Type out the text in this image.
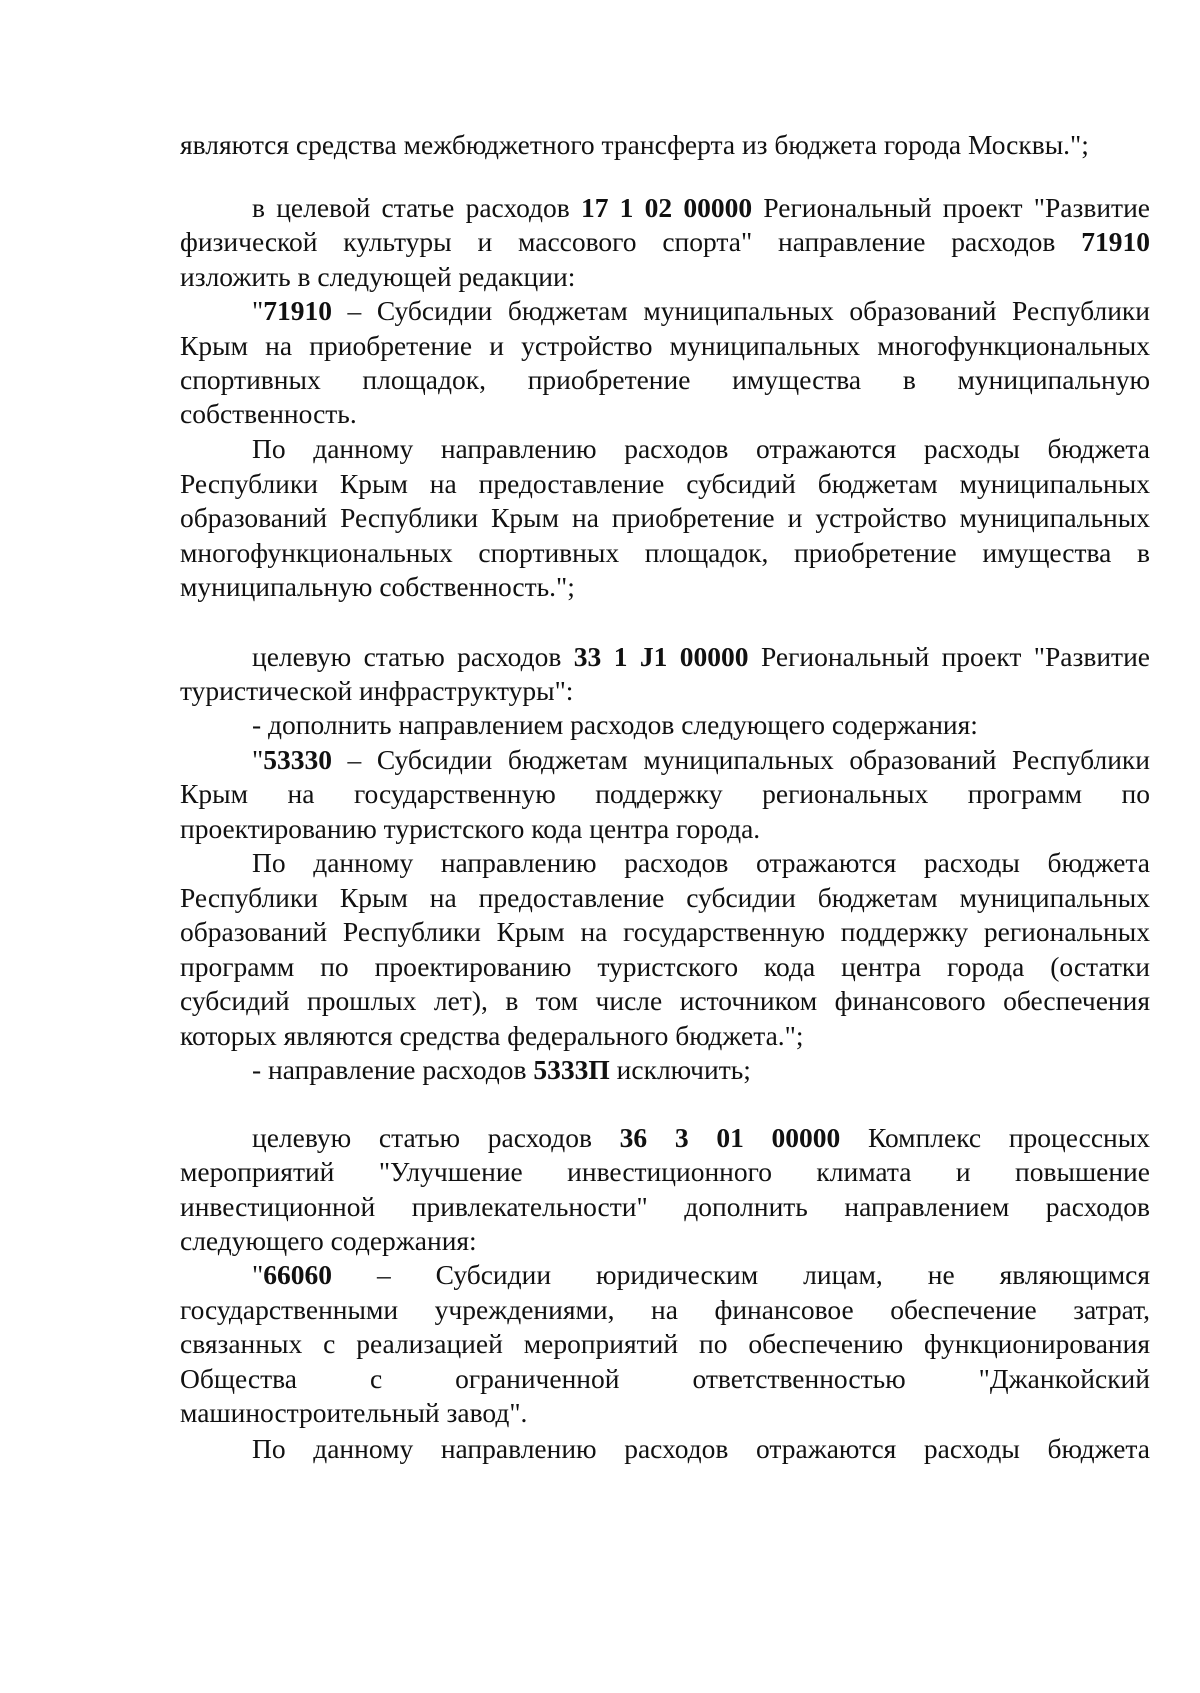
являются средства межбюджетного трансферта из бюджета города Москвы.";
в целевой статье расходов 17 1 02 00000 Региональный проект "Развитие
физической культуры и массового спорта" направление расходов 71910
изложить в следующей редакции:
"71910 – Субсидии бюджетам муниципальных образований Республики
Крым на приобретение и устройство муниципальных многофункциональных
спортивных площадок, приобретение имущества в муниципальную
собственность.
По данному направлению расходов отражаются расходы бюджета
Республики Крым на предоставление субсидий бюджетам муниципальных
образований Республики Крым на приобретение и устройство муниципальных
многофункциональных спортивных площадок, приобретение имущества в
муниципальную собственность.";
целевую статью расходов 33 1 J1 00000 Региональный проект "Развитие
туристической инфраструктуры":
- дополнить направлением расходов следующего содержания:
"53330 – Субсидии бюджетам муниципальных образований Республики
Крым на государственную поддержку региональных программ по
проектированию туристского кода центра города.
По данному направлению расходов отражаются расходы бюджета
Республики Крым на предоставление субсидии бюджетам муниципальных
образований Республики Крым на государственную поддержку региональных
программ по проектированию туристского кода центра города (остатки
субсидий прошлых лет), в том числе источником финансового обеспечения
которых являются средства федерального бюджета.";
- направление расходов 5333П исключить;
целевую статью расходов 36 3 01 00000 Комплекс процессных
мероприятий "Улучшение инвестиционного климата и повышение
инвестиционной привлекательности" дополнить направлением расходов
следующего содержания:
"66060 – Субсидии юридическим лицам, не являющимся
государственными учреждениями, на финансовое обеспечение затрат,
связанных с реализацией мероприятий по обеспечению функционирования
Общества с ограниченной ответственностью "Джанкойский
машиностроительный завод".
По данному направлению расходов отражаются расходы бюджета
